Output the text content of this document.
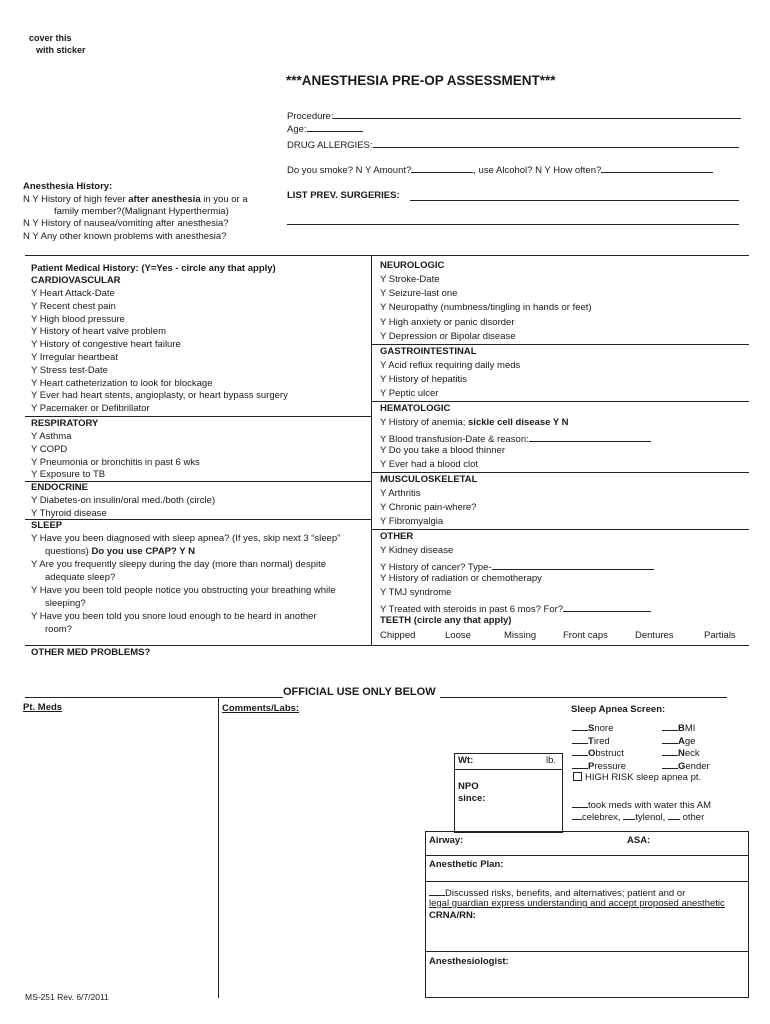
cover this
with sticker
***ANESTHESIA PRE-OP ASSESSMENT***
Procedure:
Age:
DRUG ALLERGIES:
Do you smoke? N Y Amount?	, use Alcohol? N Y How often?
LIST PREV. SURGERIES:
Anesthesia History:
N Y History of high fever after anesthesia in you or a
family member?(Malignant Hyperthermia)
N Y History of nausea/vomiting after anesthesia?
N Y Any other known problems with anesthesia?
Patient Medical History: (Y=Yes - circle any that apply)
CARDIOVASCULAR
Y Heart Attack-Date
Y Recent chest pain
Y High blood pressure
Y History of heart valve problem
Y History of congestive heart failure
Y Irregular heartbeat
Y Stress test-Date
Y Heart catheterization to look for blockage
Y Ever had heart stents, angioplasty, or heart bypass surgery
Y Pacemaker or Defibrillator
RESPIRATORY
Y Asthma
Y COPD
Y Pneumonia or bronchitis in past 6 wks
Y Exposure to TB
ENDOCRINE
Y Diabetes-on insulin/oral med./both (circle)
Y Thyroid disease
SLEEP
Y Have you been diagnosed with sleep apnea? (If yes, skip next 3 “sleep”
questions) Do you use CPAP? Y N
Y Are you frequently sleepy during the day (more than normal) despite
adequate sleep?
Y Have you been told people notice you obstructing your breathing while
sleeping?
Y Have you been told you snore loud enough to be heard in another
room?
OTHER MED PROBLEMS?
NEUROLOGIC
Y Stroke-Date
Y Seizure-last one
Y Neuropathy (numbness/tingling in hands or feet)
Y High anxiety or panic disorder
Y Depression or Bipolar disease
GASTROINTESTINAL
Y Acid reflux requiring daily meds
Y History of hepatitis
Y Peptic ulcer
HEMATOLOGIC
Y History of anemia; sickle cell disease Y N
Y Blood transfusion-Date & reason:
Y Do you take a blood thinner
Y Ever had a blood clot
MUSCULOSKELETAL
Y Arthritis
Y Chronic pain-where?
Y Fibromyalgia
OTHER
Y Kidney disease
Y History of cancer? Type-
Y History of radiation or chemotherapy
Y TMJ syndrome
Y Treated with steroids in past 6 mos? For?
TEETH (circle any that apply)
Chipped	Loose	Missing	Front caps	Dentures	Partials
OFFICIAL USE ONLY BELOW
Pt. Meds	Comments/Labs:	Sleep Apnea Screen:
Snore	BMI
Tired	Age
Obstruct	Neck
Pressure	Gender
HIGH RISK sleep apnea pt.
took meds with water this AM
celebrex, tylenol, other
Wt:	lb.
NPO
since:
Airway:	ASA:
Anesthetic Plan:
Discussed risks, benefits, and alternatives; patient and or
legal guardian express understanding and accept proposed anesthetic
CRNA/RN:
Anesthesiologist:
MS-251 Rev. 6/7/2011
